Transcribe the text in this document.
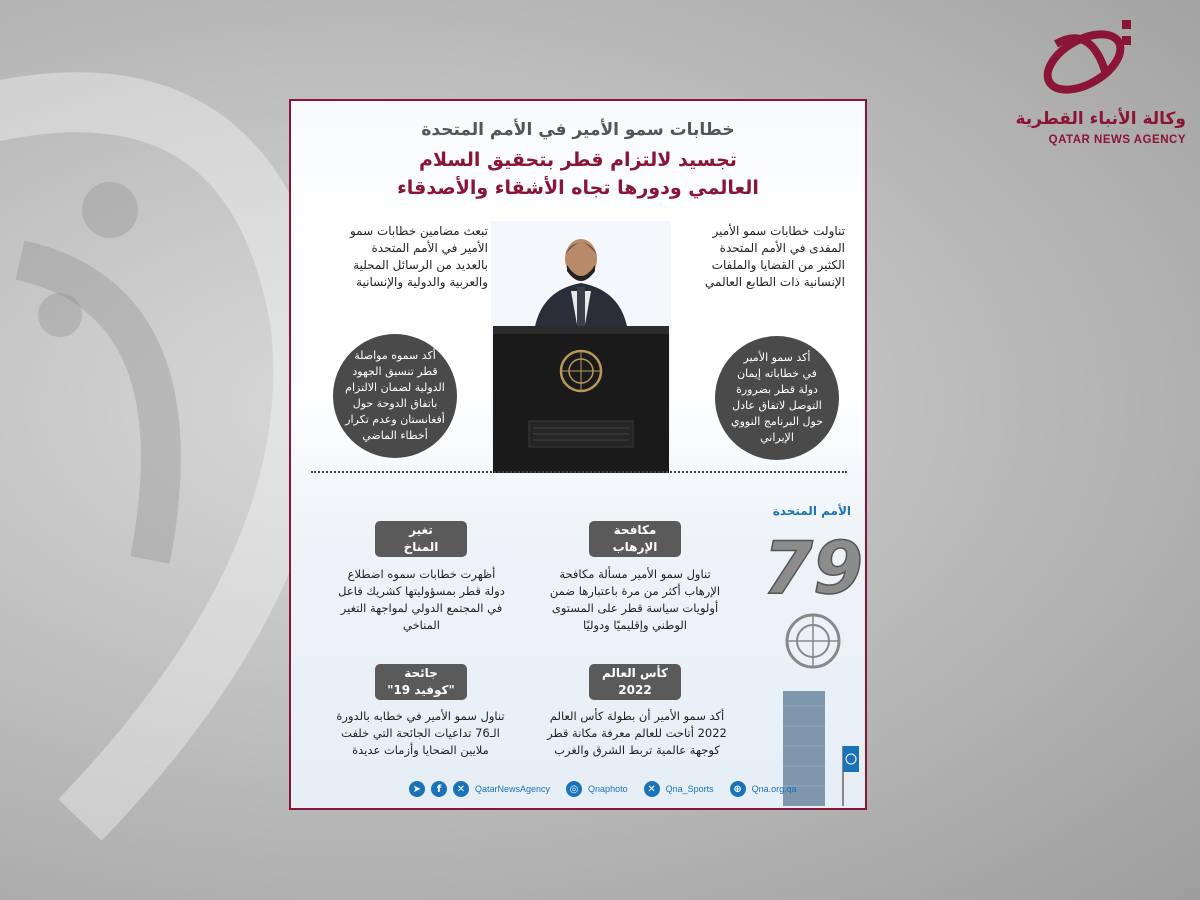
وكالة الأنباء القطرية
QATAR NEWS AGENCY
خطابات سمو الأمير في الأمم المتحدة
تجسيد لالتزام قطر بتحقيق السلام
العالمي ودورها تجاه الأشقاء والأصدقاء
تناولت خطابات سمو الأمير
المفدى في الأمم المتحدة
الكثير من القضايا والملفات
الإنسانية ذات الطابع العالمي
تبعث مضامين خطابات سمو
الأمير في الأمم المتحدة
بالعديد من الرسائل المحلية
والعربية والدولية والإنسانية
أكد سمو الأمير
في خطاباته إيمان
دولة قطر بضرورة
التوصل لاتفاق عادل
حول البرنامج النووي
الإيراني
أكد سموه مواصلة
قطر تنسيق الجهود
الدولية لضمان الالتزام
باتفاق الدوحة حول
أفغانستان وعدم تكرار
أخطاء الماضي
مكافحة
الإرهاب
تناول سمو الأمير مسألة مكافحة
الإرهاب أكثر من مرة باعتبارها ضمن
أولويات سياسة قطر على المستوى
الوطني وإقليميًا ودوليًا
تغير
المناخ
أظهرت خطابات سموه اضطلاع
دولة قطر بمسؤوليتها كشريك فاعل
في المجتمع الدولي لمواجهة التغير
المناخي
كأس العالم
2022
أكد سمو الأمير أن بطولة كأس العالم
2022 أتاحت للعالم معرفة مكانة قطر
كوجهة عالمية تربط الشرق والغرب
جائحة
"كوفيد 19"
تناول سمو الأمير في خطابه بالدورة
الـ76 تداعيات الجائحة التي خلفت
ملايين الضحايا وأزمات عديدة
الأمم المتحدة
79
➤	f	✕	QatarNewsAgency	◎	Qnaphoto	✕	Qna_Sports	⊕	Qna.org.qa
